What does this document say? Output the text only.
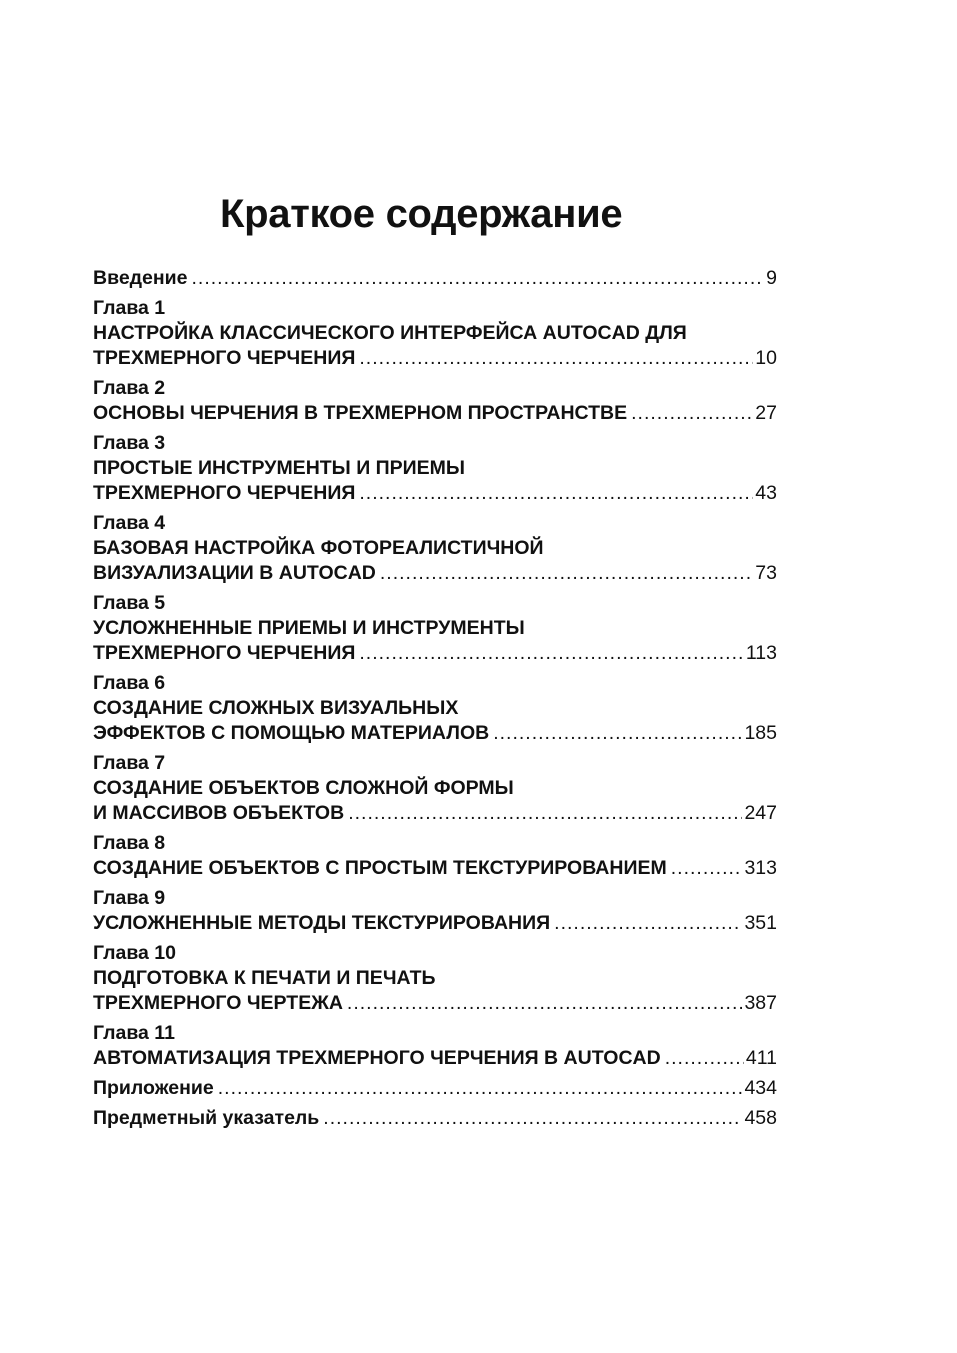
Краткое содержание
Введение .....	9
Глава 1
НАСТРОЙКА КЛАССИЧЕСКОГО ИНТЕРФЕЙСА AUTOCAD ДЛЯ
ТРЕХМЕРНОГО ЧЕРЧЕНИЯ .....	10
Глава 2
ОСНОВЫ ЧЕРЧЕНИЯ В ТРЕХМЕРНОМ ПРОСТРАНСТВЕ .....	27
Глава 3
ПРОСТЫЕ ИНСТРУМЕНТЫ И ПРИЕМЫ
ТРЕХМЕРНОГО ЧЕРЧЕНИЯ .....	43
Глава 4
БАЗОВАЯ НАСТРОЙКА ФОТОРЕАЛИСТИЧНОЙ
ВИЗУАЛИЗАЦИИ В AUTOCAD .....	73
Глава 5
УСЛОЖНЕННЫЕ ПРИЕМЫ И ИНСТРУМЕНТЫ
ТРЕХМЕРНОГО ЧЕРЧЕНИЯ .....	113
Глава 6
СОЗДАНИЕ СЛОЖНЫХ ВИЗУАЛЬНЫХ
ЭФФЕКТОВ С ПОМОЩЬЮ МАТЕРИАЛОВ .....	185
Глава 7
СОЗДАНИЕ ОБЪЕКТОВ СЛОЖНОЙ ФОРМЫ
И МАССИВОВ ОБЪЕКТОВ .....	247
Глава 8
СОЗДАНИЕ ОБЪЕКТОВ С ПРОСТЫМ ТЕКСТУРИРОВАНИЕМ .....	313
Глава 9
УСЛОЖНЕННЫЕ МЕТОДЫ ТЕКСТУРИРОВАНИЯ .....	351
Глава 10
ПОДГОТОВКА К ПЕЧАТИ И ПЕЧАТЬ
ТРЕХМЕРНОГО ЧЕРТЕЖА .....	387
Глава 11
АВТОМАТИЗАЦИЯ ТРЕХМЕРНОГО ЧЕРЧЕНИЯ В AUTOCAD .....	411
Приложение .....	434
Предметный указатель .....	458
